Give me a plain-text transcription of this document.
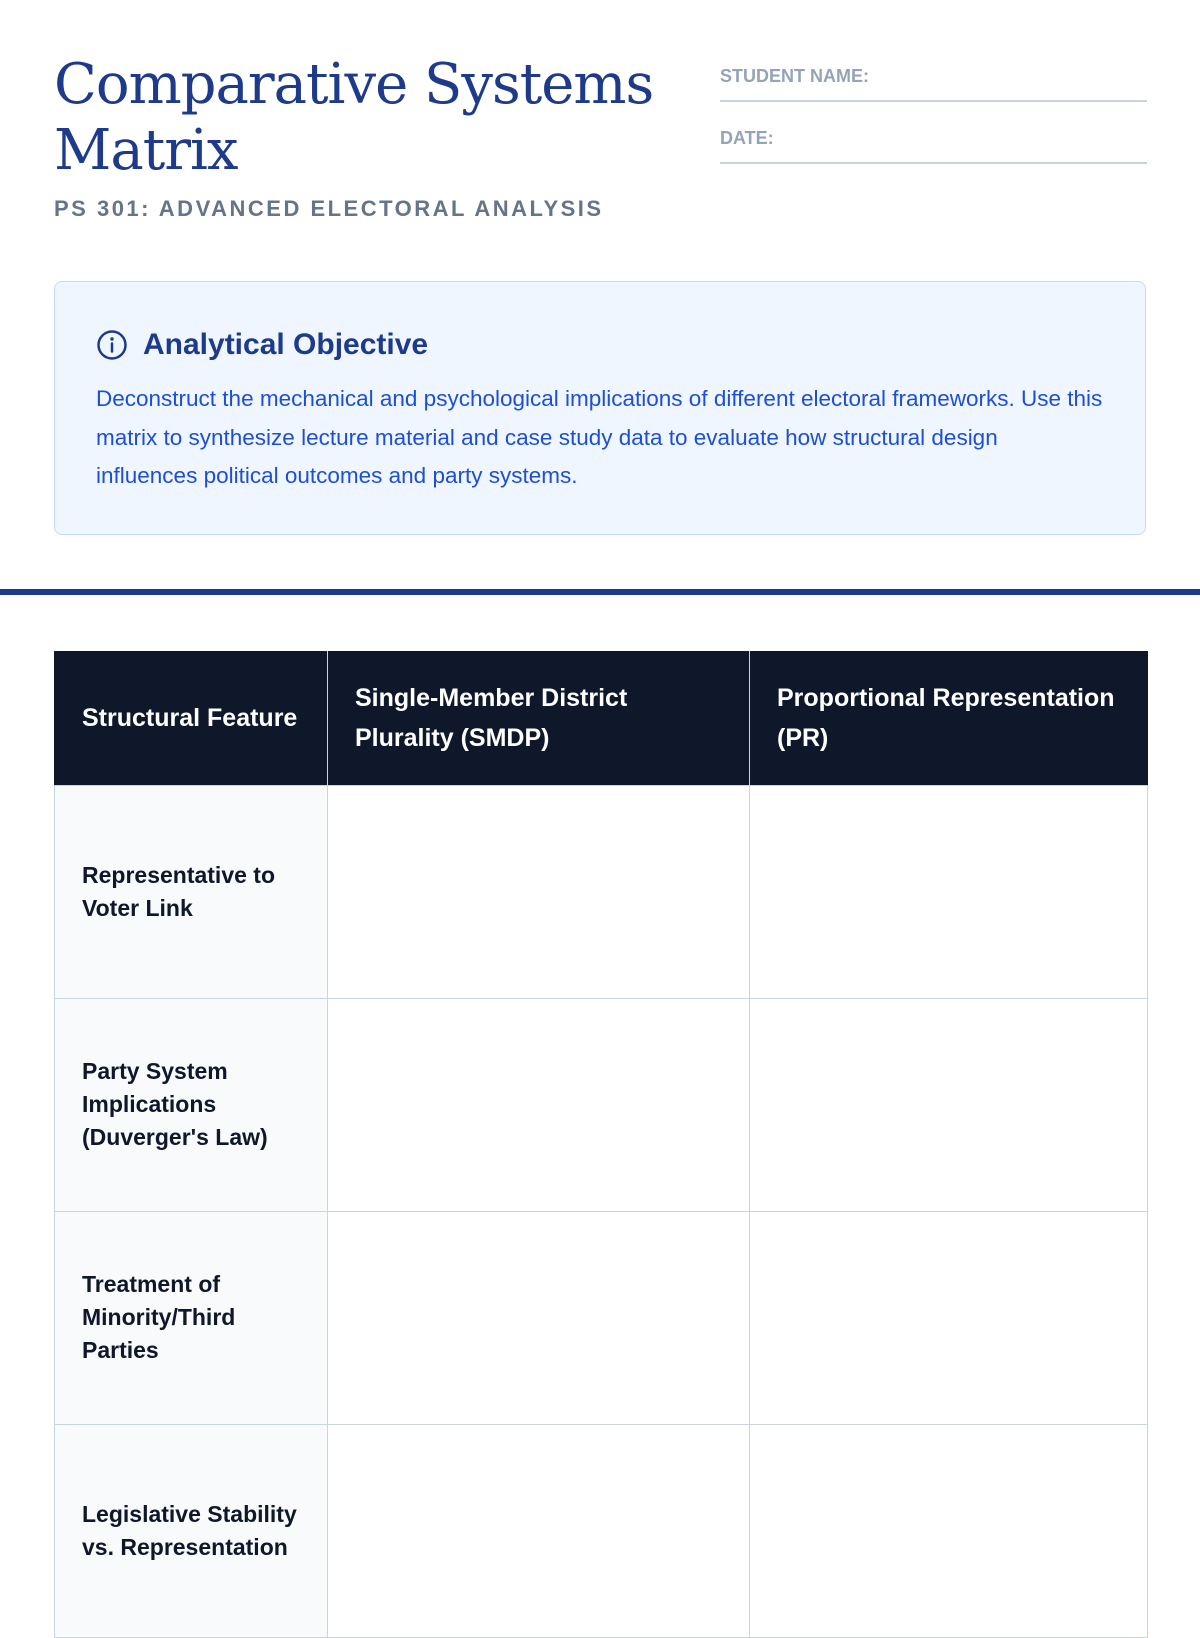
Comparative Systems Matrix
PS 301: ADVANCED ELECTORAL ANALYSIS
STUDENT NAME:
DATE:
Analytical Objective

Deconstruct the mechanical and psychological implications of different electoral frameworks. Use this matrix to synthesize lecture material and case study data to evaluate how structural design influences political outcomes and party systems.

Structural Feature	Single-Member District Plurality (SMDP)	Proportional Representation (PR)
Representative to Voter Link		
Party System Implications (Duverger's Law)		
Treatment of Minority/Third Parties		
Legislative Stability vs. Representation		
